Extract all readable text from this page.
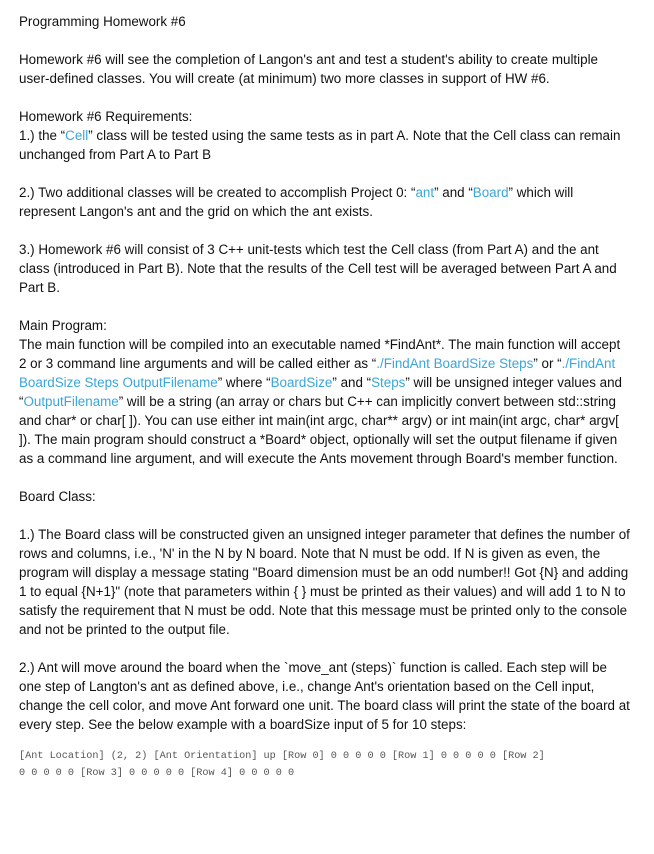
Programming Homework #6

Homework #6 will see the completion of Langon's ant and test a student's ability to create multiple user-defined classes. You will create (at minimum) two more classes in support of HW #6.

Homework #6 Requirements:

1.) the “Cell” class will be tested using the same tests as in part A. Note that the Cell class can remain unchanged from Part A to Part B

2.) Two additional classes will be created to accomplish Project 0: “ant” and “Board” which will represent Langon's ant and the grid on which the ant exists.

3.) Homework #6 will consist of 3 C++ unit-tests which test the Cell class (from Part A) and the ant class (introduced in Part B). Note that the results of the Cell test will be averaged between Part A and Part B.

Main Program:

The main function will be compiled into an executable named *FindAnt*. The main function will accept 2 or 3 command line arguments and will be called either as “./FindAnt BoardSize Steps” or “./FindAnt BoardSize Steps OutputFilename” where “BoardSize” and “Steps” will be unsigned integer values and “OutputFilename” will be a string (an array or chars but C++ can implicitly convert between std::string and char* or char[ ]). You can use either int main(int argc, char** argv) or int main(int argc, char* argv[ ]). The main program should construct a *Board* object, optionally will set the output filename if given as a command line argument, and will execute the Ants movement through Board's member function.

Board Class:

1.) The Board class will be constructed given an unsigned integer parameter that defines the number of rows and columns, i.e., 'N' in the N by N board. Note that N must be odd. If N is given as even, the program will display a message stating "Board dimension must be an odd number!! Got {N} and adding 1 to equal {N+1}" (note that parameters within { } must be printed as their values) and will add 1 to N to satisfy the requirement that N must be odd. Note that this message must be printed only to the console and not be printed to the output file.

2.) Ant will move around the board when the `move_ant (steps)` function is called. Each step will be one step of Langton's ant as defined above, i.e., change Ant's orientation based on the Cell input, change the cell color, and move Ant forward one unit. The board class will print the state of the board at every step. See the below example with a boardSize input of 5 for 10 steps:

[Ant Location] (2, 2) [Ant Orientation] up [Row 0] 0 0 0 0 0 [Row 1] 0 0 0 0 0 [Row 2]
0 0 0 0 0 [Row 3] 0 0 0 0 0 [Row 4] 0 0 0 0 0
